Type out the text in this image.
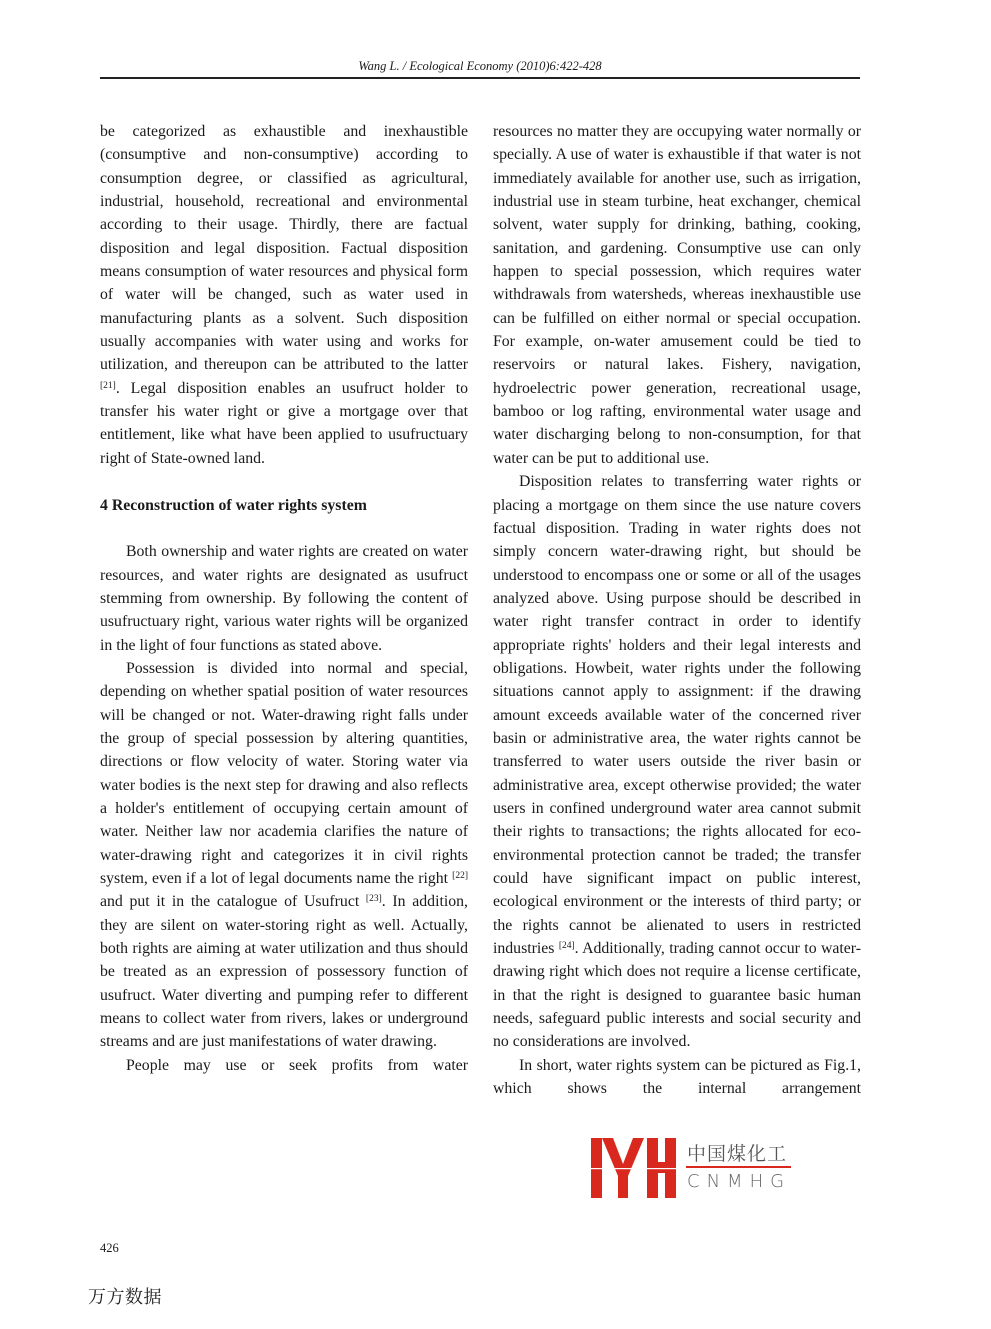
Wang L. / Ecological Economy (2010)6:422-428

be categorized as exhaustible and inexhaustible (consumptive and non-consumptive) according to consumption degree, or classified as agricultural, industrial, household, recreational and environmental according to their usage. Thirdly, there are factual disposition and legal disposition. Factual disposition means consumption of water resources and physical form of water will be changed, such as water used in manufacturing plants as a solvent. Such disposition usually accompanies with water using and works for utilization, and thereupon can be attributed to the latter [21]. Legal disposition enables an usufruct holder to transfer his water right or give a mortgage over that entitlement, like what have been applied to usufructuary right of State-owned land.

4 Reconstruction of water rights system

Both ownership and water rights are created on water resources, and water rights are designated as usufruct stemming from ownership. By following the content of usufructuary right, various water rights will be organized in the light of four functions as stated above.

Possession is divided into normal and special, depending on whether spatial position of water resources will be changed or not. Water-drawing right falls under the group of special possession by altering quantities, directions or flow velocity of water. Storing water via water bodies is the next step for drawing and also reflects a holder's entitlement of occupying certain amount of water. Neither law nor academia clarifies the nature of water-drawing right and categorizes it in civil rights system, even if a lot of legal documents name the right [22] and put it in the catalogue of Usufruct [23]. In addition, they are silent on water-storing right as well. Actually, both rights are aiming at water utilization and thus should be treated as an expression of possessory function of usufruct. Water diverting and pumping refer to different means to collect water from rivers, lakes or underground streams and are just manifestations of water drawing.

People may use or seek profits from water

resources no matter they are occupying water normally or specially. A use of water is exhaustible if that water is not immediately available for another use, such as irrigation, industrial use in steam turbine, heat exchanger, chemical solvent, water supply for drinking, bathing, cooking, sanitation, and gardening. Consumptive use can only happen to special possession, which requires water withdrawals from watersheds, whereas inexhaustible use can be fulfilled on either normal or special occupation. For example, on-water amusement could be tied to reservoirs or natural lakes. Fishery, navigation, hydroelectric power generation, recreational usage, bamboo or log rafting, environmental water usage and water discharging belong to non-consumption, for that water can be put to additional use.

Disposition relates to transferring water rights or placing a mortgage on them since the use nature covers factual disposition. Trading in water rights does not simply concern water-drawing right, but should be understood to encompass one or some or all of the usages analyzed above. Using purpose should be described in water right transfer contract in order to identify appropriate rights' holders and their legal interests and obligations. Howbeit, water rights under the following situations cannot apply to assignment: if the drawing amount exceeds available water of the concerned river basin or administrative area, the water rights cannot be transferred to water users outside the river basin or administrative area, except otherwise provided; the water users in confined underground water area cannot submit their rights to transactions; the rights allocated for eco-environmental protection cannot be traded; the transfer could have significant impact on public interest, ecological environment or the interests of third party; or the rights cannot be alienated to users in restricted industries [24]. Additionally, trading cannot occur to water-drawing right which does not require a license certificate, in that the right is designed to guarantee basic human needs, safeguard public interests and social security and no considerations are involved.

In short, water rights system can be pictured as Fig.1, which shows the internal arrangement

中国煤化工
CNMHG
426
万方数据
